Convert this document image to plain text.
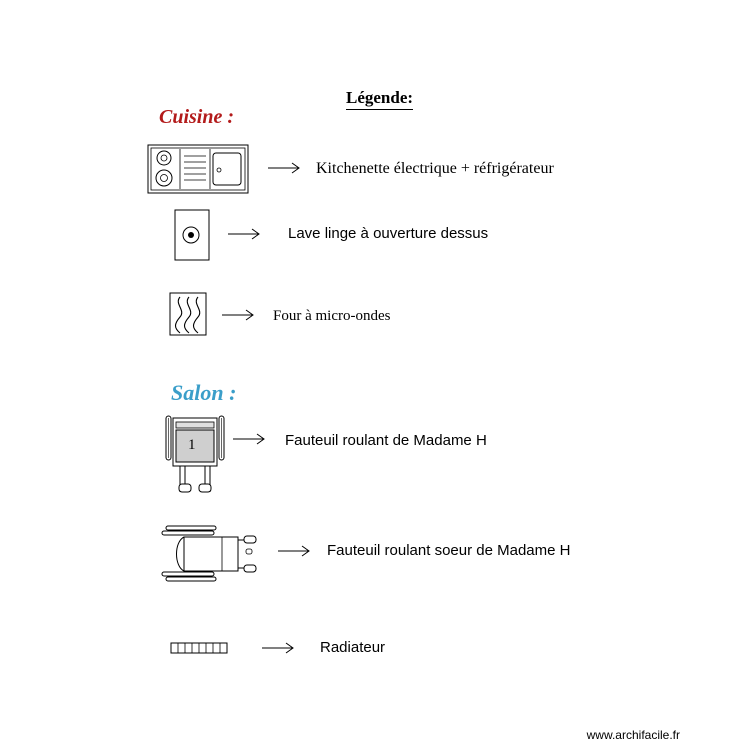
Légende:
Cuisine :
Salon :
Kitchenette électrique + réfrigérateur
Lave linge à ouverture dessus
Four à micro-ondes
1	Fauteuil roulant de Madame H
Fauteuil roulant soeur de Madame H
Radiateur
www.archifacile.fr
